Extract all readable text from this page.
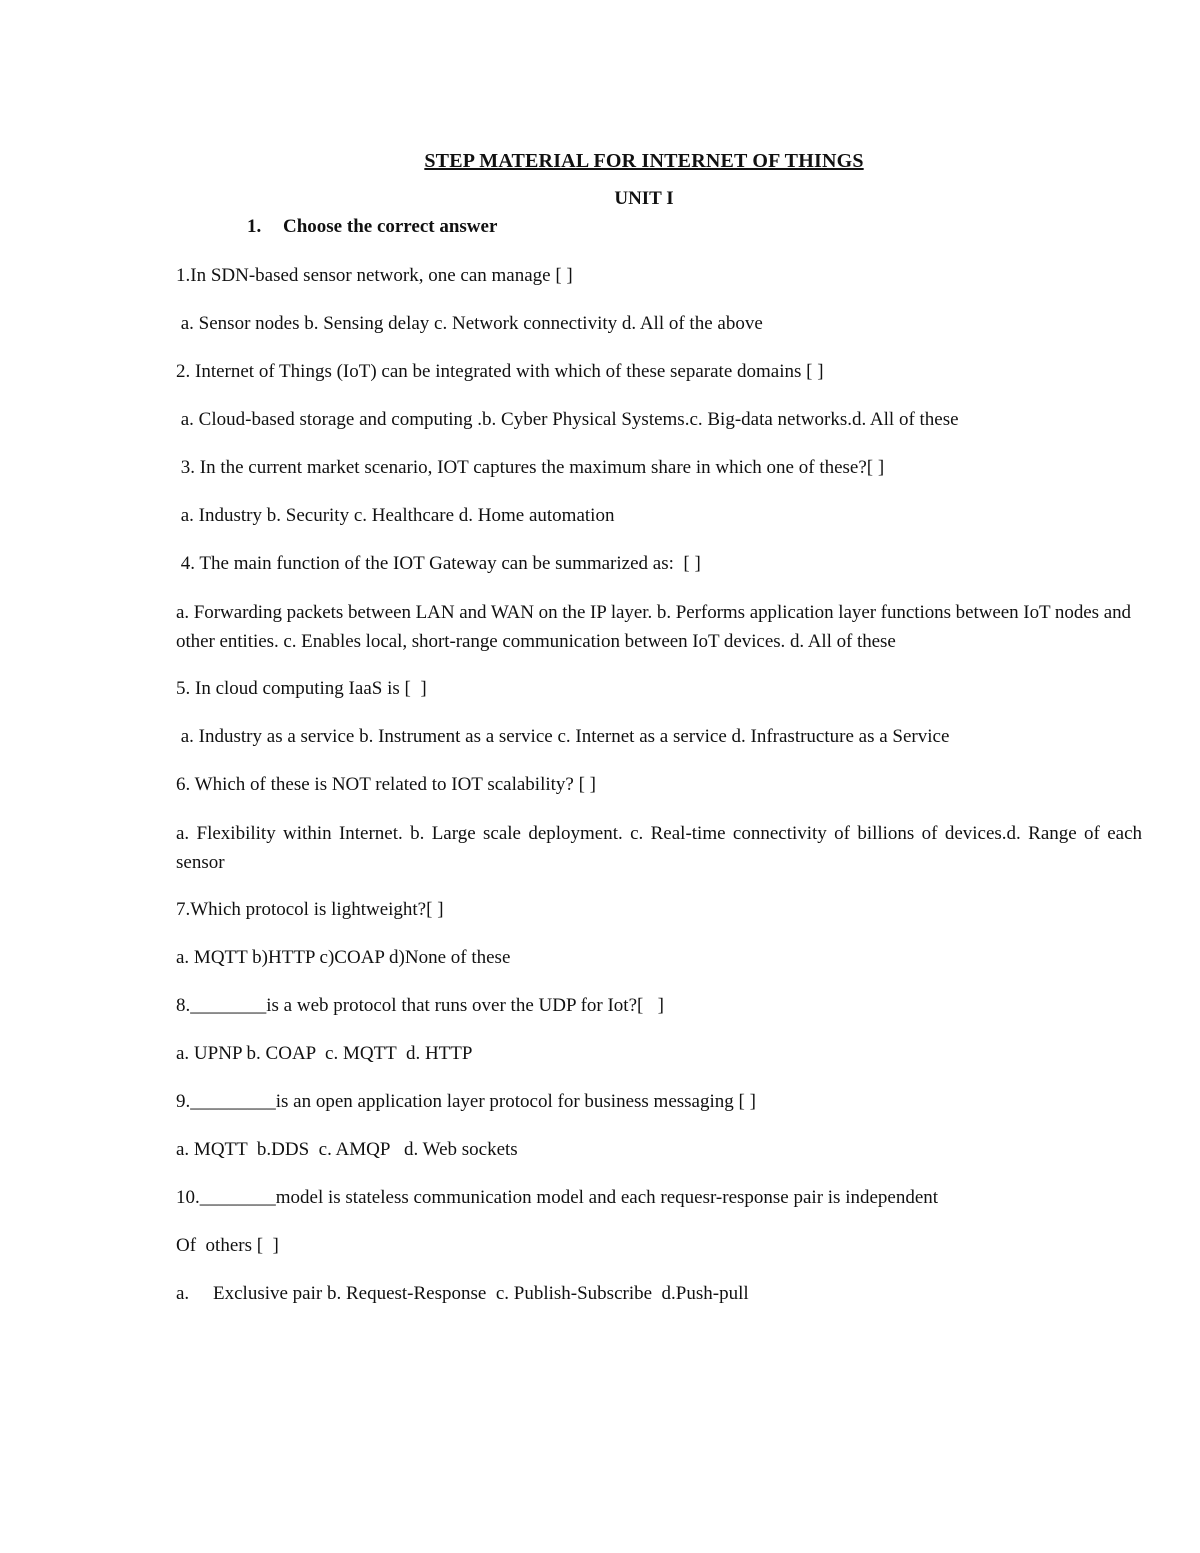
STEP MATERIAL FOR INTERNET OF THINGS
UNIT I
1. Choose the correct answer
1.In SDN-based sensor network, one can manage [ ]
a. Sensor nodes b. Sensing delay c. Network connectivity d. All of the above
2. Internet of Things (IoT) can be integrated with which of these separate domains [ ]
a. Cloud-based storage and computing .b. Cyber Physical Systems.c. Big-data networks.d. All of these
3. In the current market scenario, IOT captures the maximum share in which one of these?[ ]
a. Industry b. Security c. Healthcare d. Home automation
4. The main function of the IOT Gateway can be summarized as:  [ ]
a. Forwarding packets between LAN and WAN on the IP layer. b. Performs application layer functions between IoT nodes and other entities. c. Enables local, short-range communication between IoT devices. d. All of these
5. In cloud computing IaaS is [  ]
a. Industry as a service b. Instrument as a service c. Internet as a service d. Infrastructure as a Service
6. Which of these is NOT related to IOT scalability? [ ]
a. Flexibility within Internet. b. Large scale deployment. c. Real-time connectivity of billions of devices.d. Range of each sensor
7.Which protocol is lightweight?[ ]
a. MQTT b)HTTP c)COAP d)None of these
8.________is a web protocol that runs over the UDP for Iot?[   ]
a. UPNP b. COAP  c. MQTT  d. HTTP
9._________is an open application layer protocol for business messaging [ ]
a. MQTT  b.DDS  c. AMQP   d. Web sockets
10.________model is stateless communication model and each requesr-response pair is independent
Of  others [  ]
a. Exclusive pair b. Request-Response  c. Publish-Subscribe  d.Push-pull
